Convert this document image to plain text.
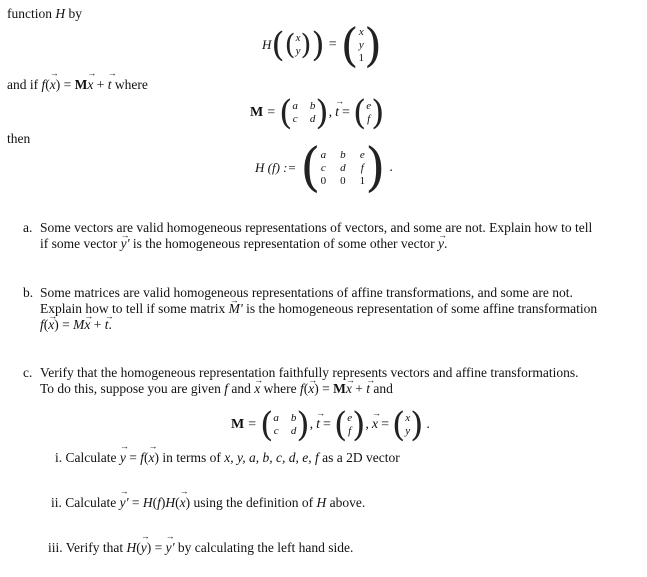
function H by
H ( ( x
y ) ) = ( x
y
1 )
and if f(→ x) = M→ x + → t where
M = ( a b
c d ) , → t = ( e
f )
then
H (f) := ( a b e
c d f
0 0 1 ) .
a. Some vectors are valid homogeneous representations of vectors, and some are not. Explain how to tell
if some vector → y' is the homogeneous representation of some other vector → y.
b. Some matrices are valid homogeneous representations of affine transformations, and some are not.
Explain how to tell if some matrix → M' is the homogeneous representation of some affine transformation
f(→ x) = M→ x + → t.
c. Verify that the homogeneous representation faithfully represents vectors and affine transformations.
To do this, suppose you are given f and → x where f(→ x) = M→ x + → t and
M = ( a b
c d ) , → t = ( e
f ) , → x = ( x
y ) .
i. Calculate → y = f(→ x) in terms of x, y, a, b, c, d, e, f as a 2D vector
ii. Calculate → y' = H(f)H(→ x) using the definition of H above.
iii. Verify that H(→ y) = → y' by calculating the left hand side.
